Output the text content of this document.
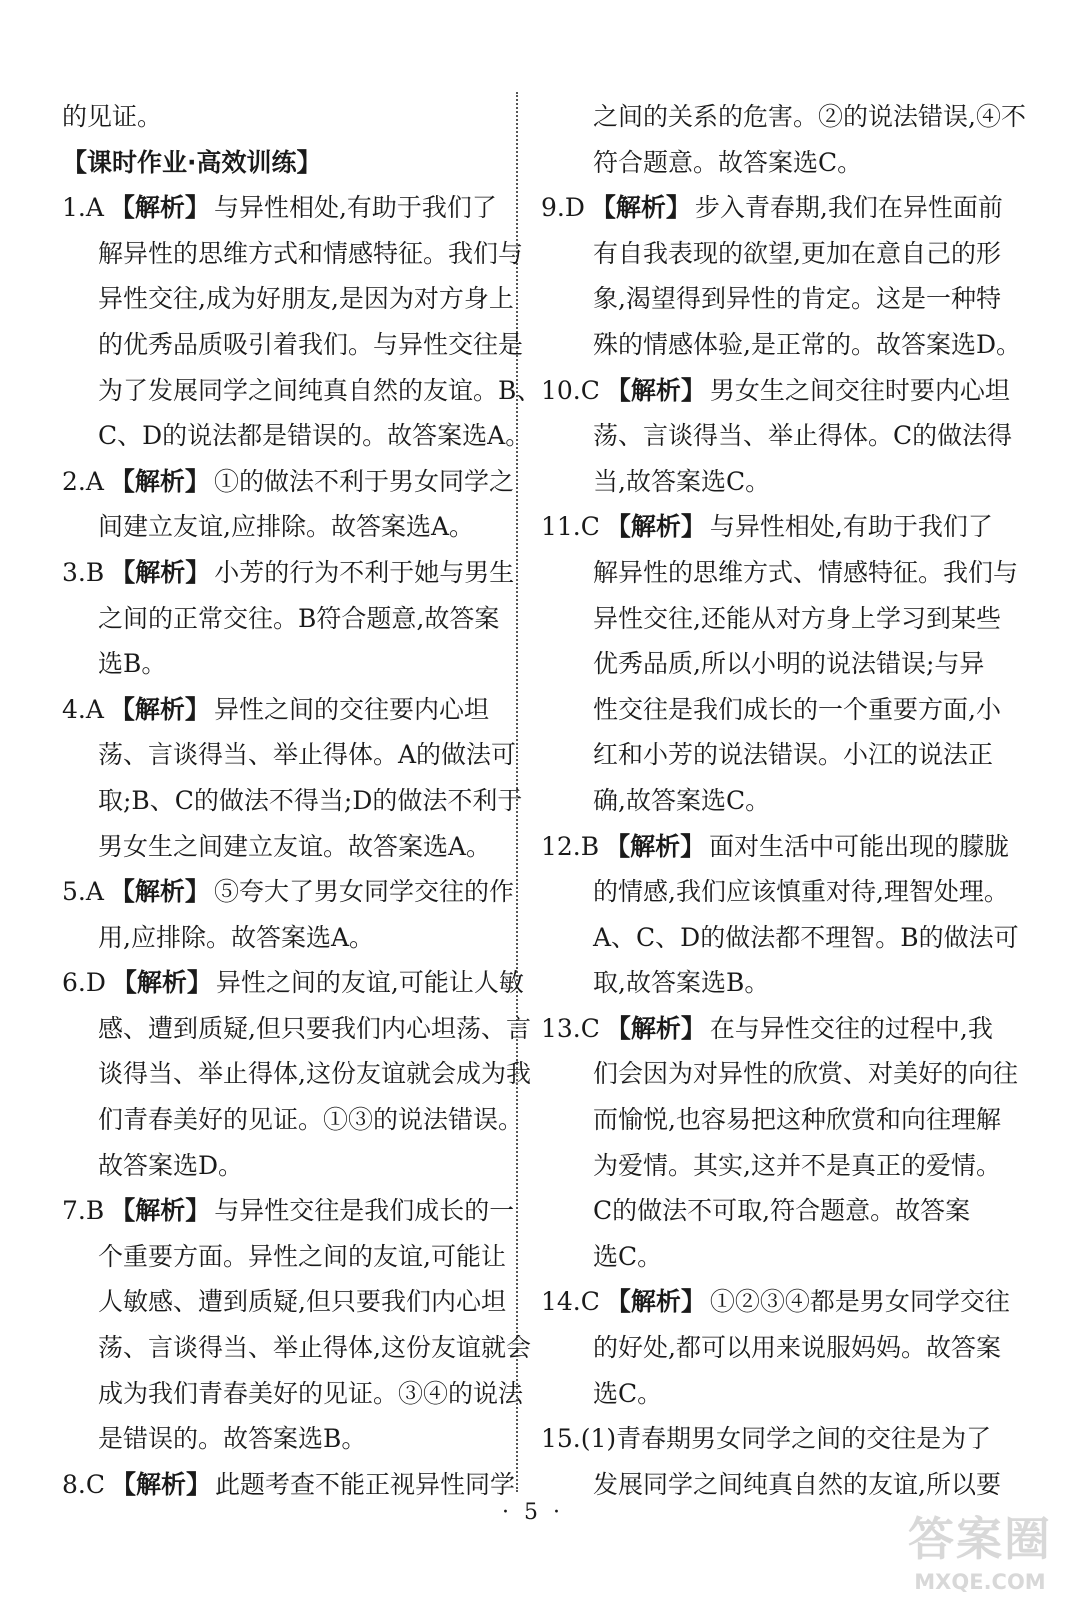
的见证。
【课时作业·高效训练】
1.A 【解析】 与异性相处,有助于我们了
解异性的思维方式和情感特征。我们与
异性交往,成为好朋友,是因为对方身上
的优秀品质吸引着我们。与异性交往是
为了发展同学之间纯真自然的友谊。B、
C、D的说法都是错误的。故答案选A。
2.A 【解析】 ①的做法不利于男女同学之
间建立友谊,应排除。故答案选A。
3.B 【解析】 小芳的行为不利于她与男生
之间的正常交往。B符合题意,故答案
选B。
4.A 【解析】 异性之间的交往要内心坦
荡、言谈得当、举止得体。A的做法可
取;B、C的做法不得当;D的做法不利于
男女生之间建立友谊。故答案选A。
5.A 【解析】 ⑤夸大了男女同学交往的作
用,应排除。故答案选A。
6.D 【解析】 异性之间的友谊,可能让人敏
感、遭到质疑,但只要我们内心坦荡、言
谈得当、举止得体,这份友谊就会成为我
们青春美好的见证。①③的说法错误。
故答案选D。
7.B 【解析】 与异性交往是我们成长的一
个重要方面。异性之间的友谊,可能让
人敏感、遭到质疑,但只要我们内心坦
荡、言谈得当、举止得体,这份友谊就会
成为我们青春美好的见证。③④的说法
是错误的。故答案选B。
8.C 【解析】 此题考查不能正视异性同学
之间的关系的危害。②的说法错误,④不
符合题意。故答案选C。
9.D 【解析】 步入青春期,我们在异性面前
有自我表现的欲望,更加在意自己的形
象,渴望得到异性的肯定。这是一种特
殊的情感体验,是正常的。故答案选D。
10.C 【解析】 男女生之间交往时要内心坦
荡、言谈得当、举止得体。C的做法得
当,故答案选C。
11.C 【解析】 与异性相处,有助于我们了
解异性的思维方式、情感特征。我们与
异性交往,还能从对方身上学习到某些
优秀品质,所以小明的说法错误;与异
性交往是我们成长的一个重要方面,小
红和小芳的说法错误。小江的说法正
确,故答案选C。
12.B 【解析】 面对生活中可能出现的朦胧
的情感,我们应该慎重对待,理智处理。
A、C、D的做法都不理智。B的做法可
取,故答案选B。
13.C 【解析】 在与异性交往的过程中,我
们会因为对异性的欣赏、对美好的向往
而愉悦,也容易把这种欣赏和向往理解
为爱情。其实,这并不是真正的爱情。
C的做法不可取,符合题意。故答案
选C。
14.C 【解析】 ①②③④都是男女同学交往
的好处,都可以用来说服妈妈。故答案
选C。
15.(1)青春期男女同学之间的交往是为了
发展同学之间纯真自然的友谊,所以要
· 5 ·	答案圈
MXQE.COM
